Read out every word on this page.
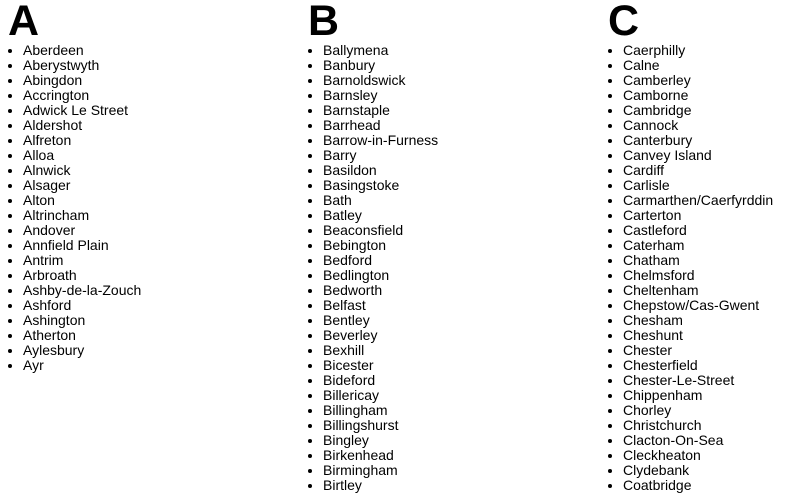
A
Aberdeen
Aberystwyth
Abingdon
Accrington
Adwick Le Street
Aldershot
Alfreton
Alloa
Alnwick
Alsager
Alton
Altrincham
Andover
Annfield Plain
Antrim
Arbroath
Ashby-de-la-Zouch
Ashford
Ashington
Atherton
Aylesbury
Ayr
B
Ballymena
Banbury
Barnoldswick
Barnsley
Barnstaple
Barrhead
Barrow-in-Furness
Barry
Basildon
Basingstoke
Bath
Batley
Beaconsfield
Bebington
Bedford
Bedlington
Bedworth
Belfast
Bentley
Beverley
Bexhill
Bicester
Bideford
Billericay
Billingham
Billingshurst
Bingley
Birkenhead
Birmingham
Birtley
C
Caerphilly
Calne
Camberley
Camborne
Cambridge
Cannock
Canterbury
Canvey Island
Cardiff
Carlisle
Carmarthen/Caerfyrddin
Carterton
Castleford
Caterham
Chatham
Chelmsford
Cheltenham
Chepstow/Cas-Gwent
Chesham
Cheshunt
Chester
Chesterfield
Chester-Le-Street
Chippenham
Chorley
Christchurch
Clacton-On-Sea
Cleckheaton
Clydebank
Coatbridge
